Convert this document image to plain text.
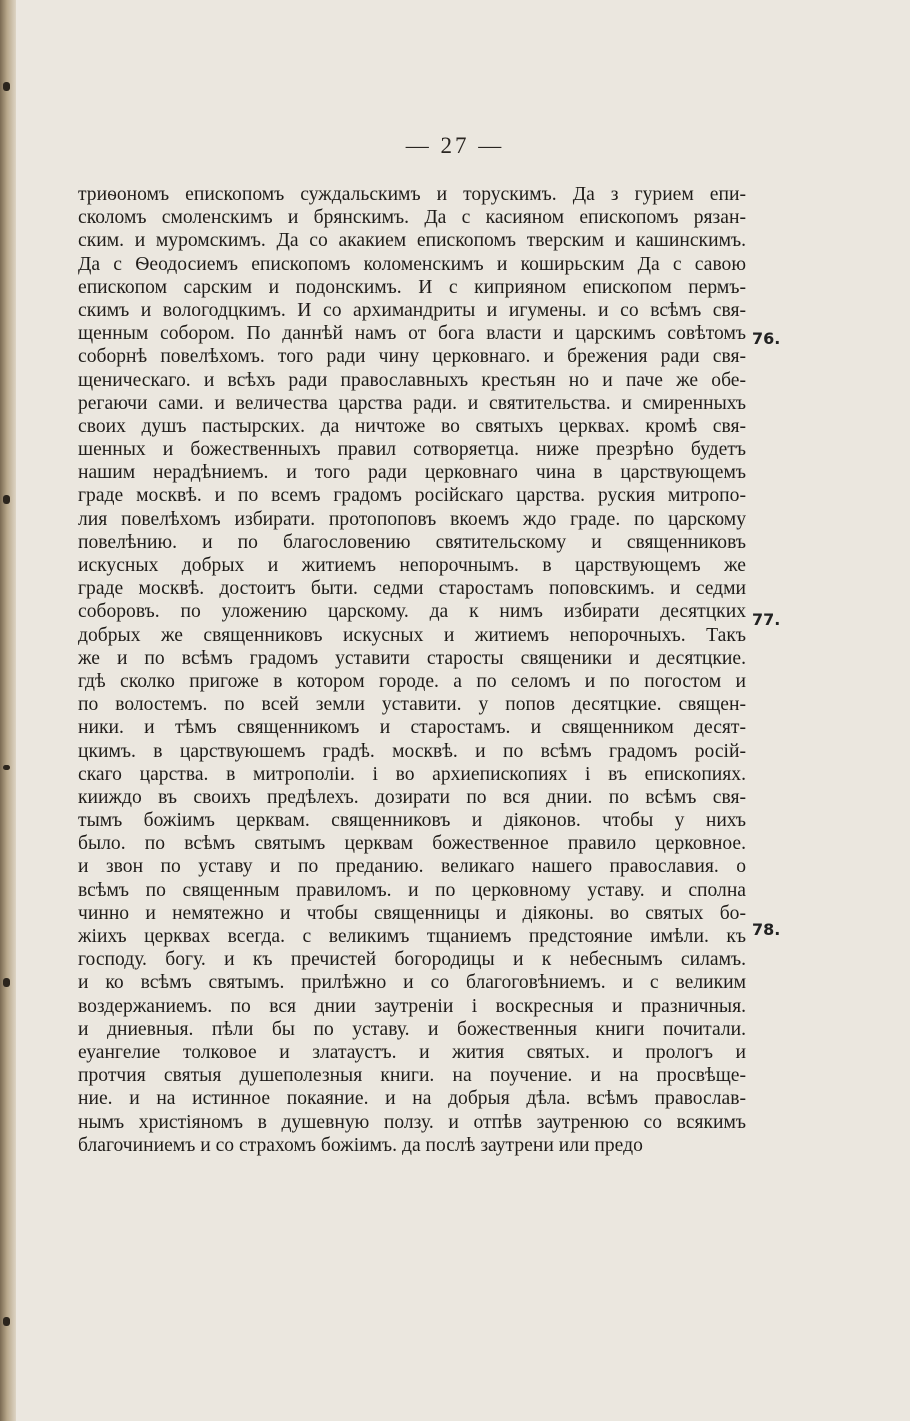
— 27 —
триѳономъ епископомъ суждальскимъ и торускимъ. Да з гурием епи-
сколомъ смоленскимъ и брянскимъ. Да с касияном епископомъ рязан-
ским. и муромскимъ. Да со акакием епископомъ тверским и кашинскимъ.
Да с Ѳеодосиемъ епископомъ коломенскимъ и коширьским Да с савою
епископом сарским и подонскимъ. И с киприяном епископом пермъ-
скимъ и вологодцкимъ. И со архимандриты и игумены. и со всѣмъ свя-
щенным собором. По даннѣй намъ от бога власти и царскимъ совѣтомъ
соборнѣ повелѣхомъ. того ради чину церковнаго. и брежения ради свя-
щеническаго. и всѣхъ ради православныхъ крестьян но и паче же обе-
регаючи сами. и величества царства ради. и святительства. и смиренныхъ
своих душъ пастырских. да ничтоже во святыхъ церквах. кромѣ свя-
шенных и божественныхъ правил сотворяетца. ниже презрѣно будетъ
нашим нерадѣниемъ. и того ради церковнаго чина в царствующемъ
граде москвѣ. и по всемъ градомъ російскаго царства. руския митропо-
лия повелѣхомъ избирати. протопоповъ вкоемъ ждо граде. по царскому
повелѣнию. и по благословению святительскому и священниковъ
искусных добрых и житиемъ непорочнымъ. в царствующемъ же
граде москвѣ. достоитъ быти. седми старостамъ поповскимъ. и седми
соборовъ. по уложению царскому. да к нимъ избирати десятцких
добрых же священниковъ искусных и житиемъ непорочныхъ. Такъ
же и по всѣмъ градомъ уставити старосты священики и десятцкие.
гдѣ сколко пригоже в котором городе. а по селомъ и по погостом и
по волостемъ. по всей земли уставити. у попов десятцкие. священ-
ники. и тѣмъ священникомъ и старостамъ. и священником десят-
цкимъ. в царствуюшемъ градѣ. москвѣ. и по всѣмъ градомъ росій-
скаго царства. в митрополіи. і во архиепископиях і въ епископиях.
кииждо въ своихъ предѣлехъ. дозирати по вся днии. по всѣмъ свя-
тымъ божіимъ церквам. священниковъ и діяконов. чтобы у нихъ
было. по всѣмъ святымъ церквам божественное правило церковное.
и звон по уставу и по преданию. великаго нашего православия. о
всѣмъ по священным правиломъ. и по церковному уставу. и сполна
чинно и немятежно и чтобы священницы и діяконы. во святых бо-
жіихъ церквах всегда. с великимъ тщаниемъ предстояние имѣли. къ
господу. богу. и къ пречистей богородицы и к небеснымъ силамъ.
и ко всѣмъ святымъ. прилѣжно и со благоговѣниемъ. и с великим
воздержаниемъ. по вся днии заутреніи і воскресныя и празничныя.
и дниевныя. пѣли бы по уставу. и божественныя книги почитали.
еуангелие толковое и златаустъ. и жития святых. и прологъ и
протчия святыя душеполезныя книги. на поучение. и на просвѣще-
ние. и на истинное покаяние. и на добрыя дѣла. всѣмъ православ-
нымъ христіяномъ в душевную ползу. и отпѣв заутренюю со всякимъ
благочиниемъ и со страхомъ божіимъ. да послѣ заутрени или предо
76.
77.
78.
